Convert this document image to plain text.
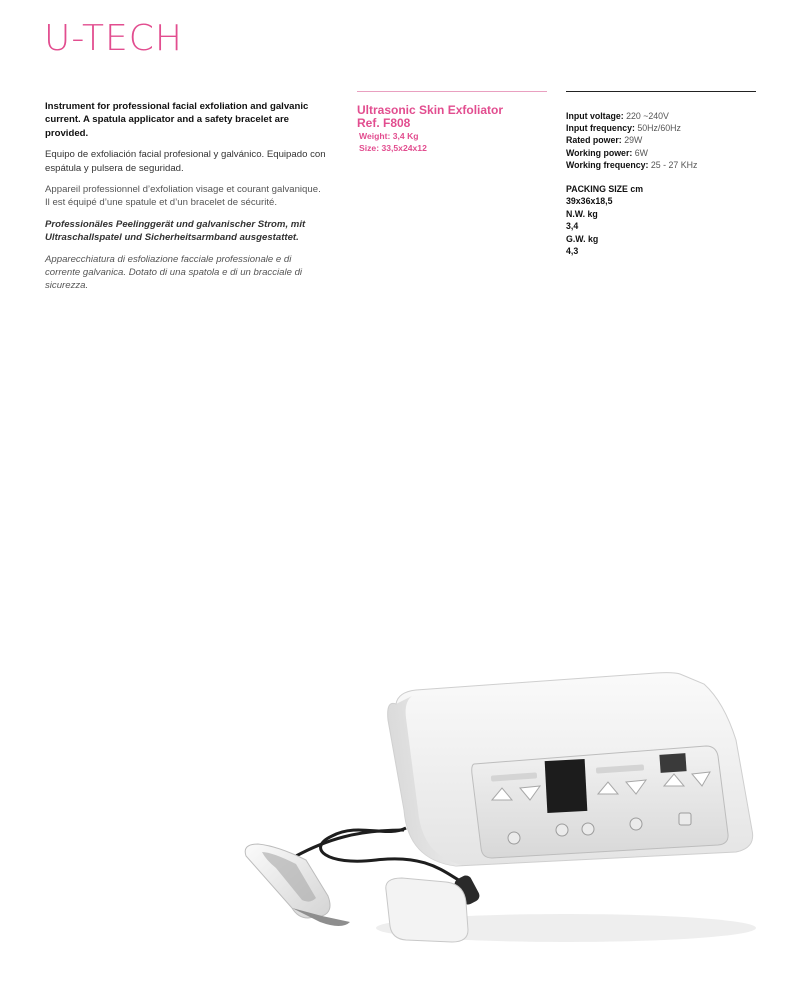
U-TECH

Instrument for professional facial exfoliation and galvanic current. A spatula applicator and a safety bracelet are provided.

Equipo de exfoliación facial profesional y galvánico. Equipado con espátula y pulsera de seguridad.

Appareil professionnel d’exfoliation visage et courant galvanique. Il est équipé d’une spatule et d’un bracelet de sécurité.

Professionäles Peelinggerät und galvanischer Strom, mit Ultraschallspatel und Sicherheitsarmband ausgestattet.

Apparecchiatura di esfoliazione facciale professionale e di corrente galvanica. Dotato di una spatola e di un bracciale di sicurezza.

Ultrasonic Skin Exfoliator
Ref. F808
Weight: 3,4 Kg
Size: 33,5x24x12
Input voltage: 220 ~240V
Input frequency: 50Hz/60Hz
Rated power: 29W
Working power: 6W
Working frequency: 25 - 27 KHz
PACKING SIZE cm
39x36x18,5
N.W. kg
3,4
G.W. kg
4,3
